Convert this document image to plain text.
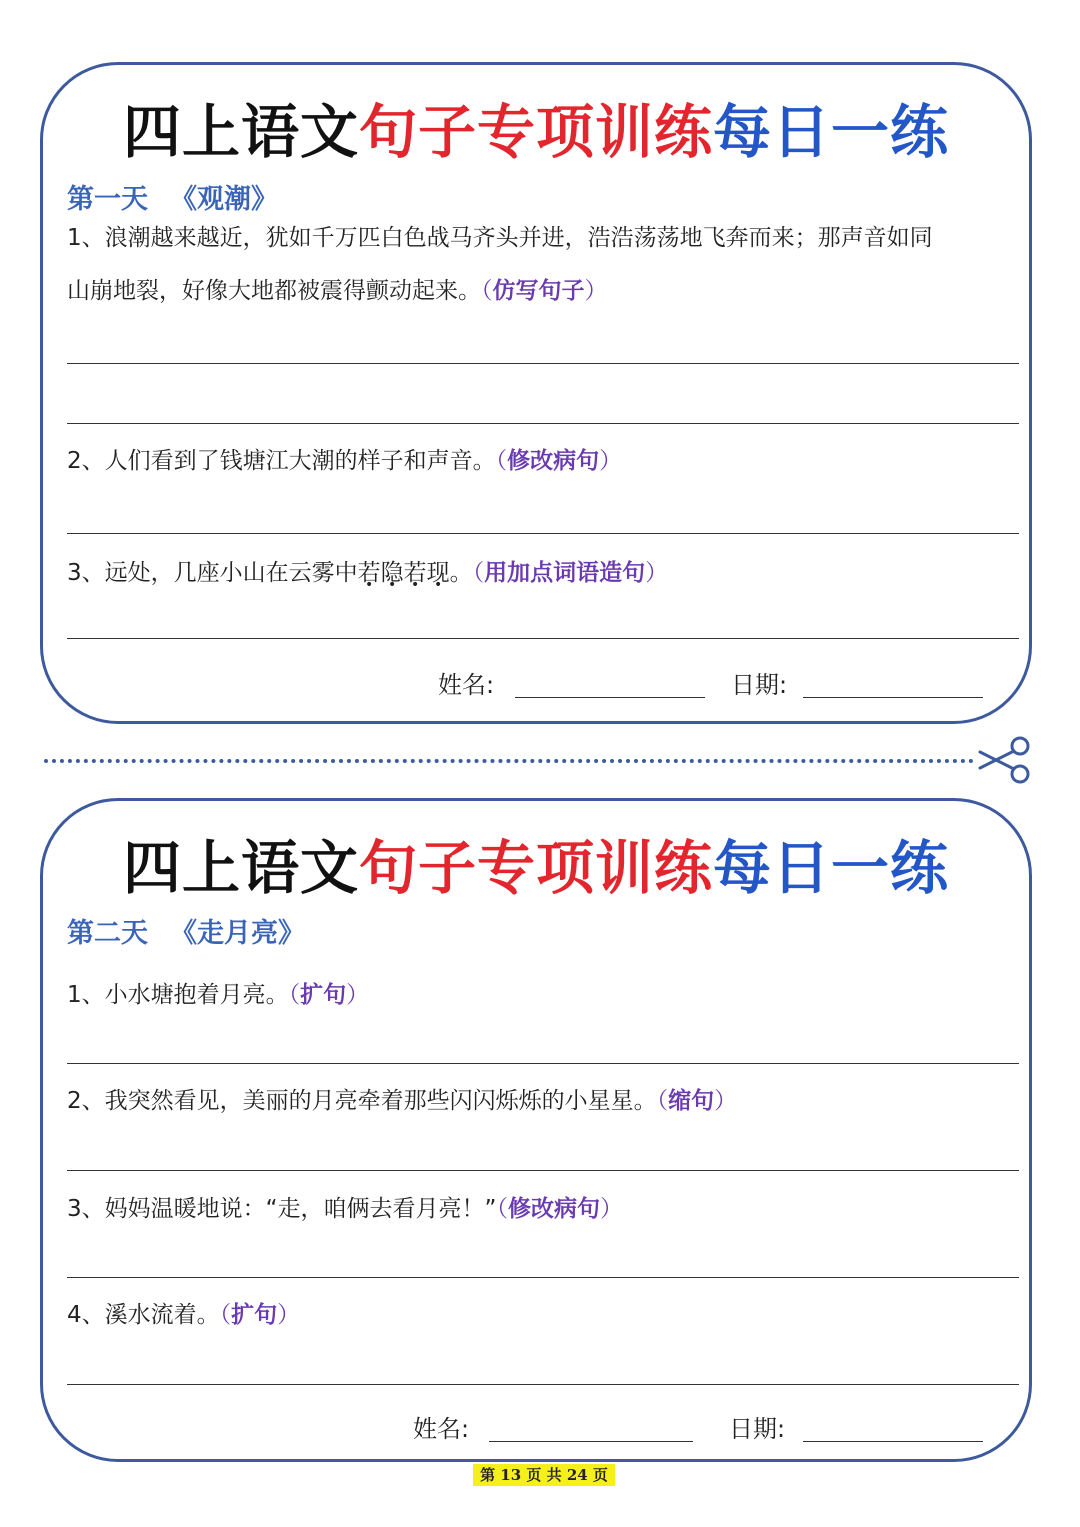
四上语文句子专项训练每日一练
第一天 《观潮》
1、浪潮越来越近，犹如千万匹白色战马齐头并进，浩浩荡荡地飞奔而来；那声音如同
山崩地裂，好像大地都被震得颤动起来。（仿写句子）
2、人们看到了钱塘江大潮的样子和声音。（修改病句）
3、远处，几座小山在云雾中若隐若现。（用加点词语造句）
姓名:	日期:
四上语文句子专项训练每日一练
第二天 《走月亮》
1、小水塘抱着月亮。（扩句）
2、我突然看见，美丽的月亮牵着那些闪闪烁烁的小星星。（缩句）
3、妈妈温暖地说：“走，咱俩去看月亮！”（修改病句）
4、溪水流着。（扩句）
姓名:	日期:
第 13 页 共 24 页
